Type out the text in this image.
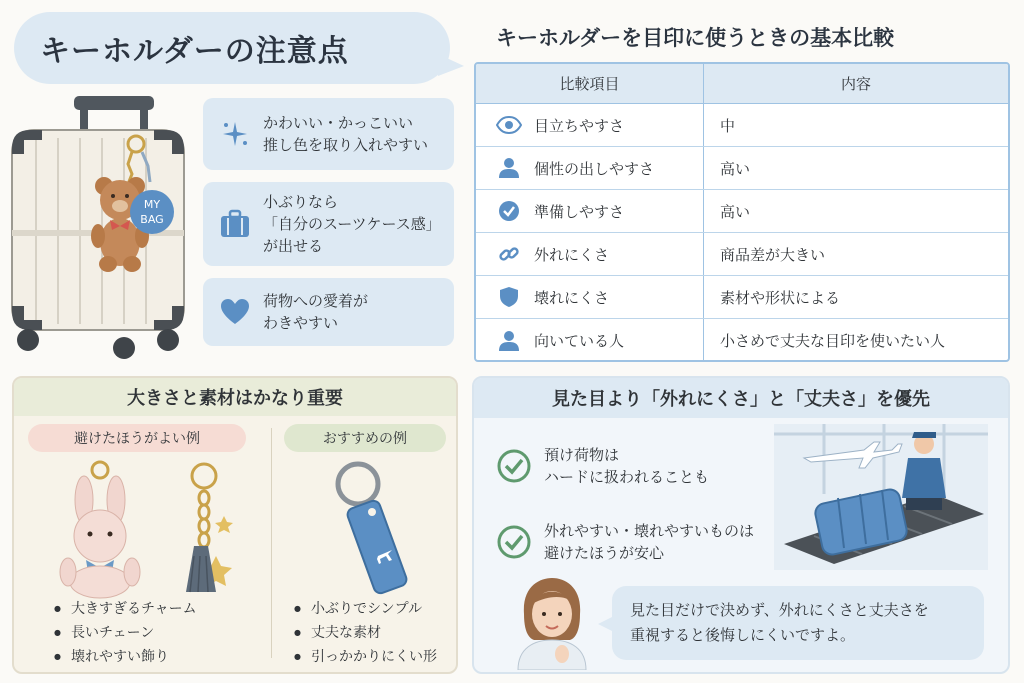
キーホルダーの注意点
MY
BAG
かわいい・かっこいい
推し色を取り入れやすい
小ぶりなら
「自分のスーツケース感」
が出せる
荷物への愛着が
わきやすい
キーホルダーを目印に使うときの基本比較
比較項目	内容
目立ちやすさ	中
個性の出しやすさ	高い
準備しやすさ	高い
外れにくさ	商品差が大きい
壊れにくさ	素材や形状による
向いている人	小さめで丈夫な目印を使いたい人
大きさと素材はかなり重要
避けたほうがよい例	おすすめの例
● 大きすぎるチャーム
● 長いチェーン
● 壊れやすい飾り
● 小ぶりでシンプル
● 丈夫な素材
● 引っかかりにくい形
見た目より「外れにくさ」と「丈夫さ」を優先
預け荷物は
ハードに扱われることも
外れやすい・壊れやすいものは
避けたほうが安心
見た目だけで決めず、外れにくさと丈夫さを
重視すると後悔しにくいですよ。
